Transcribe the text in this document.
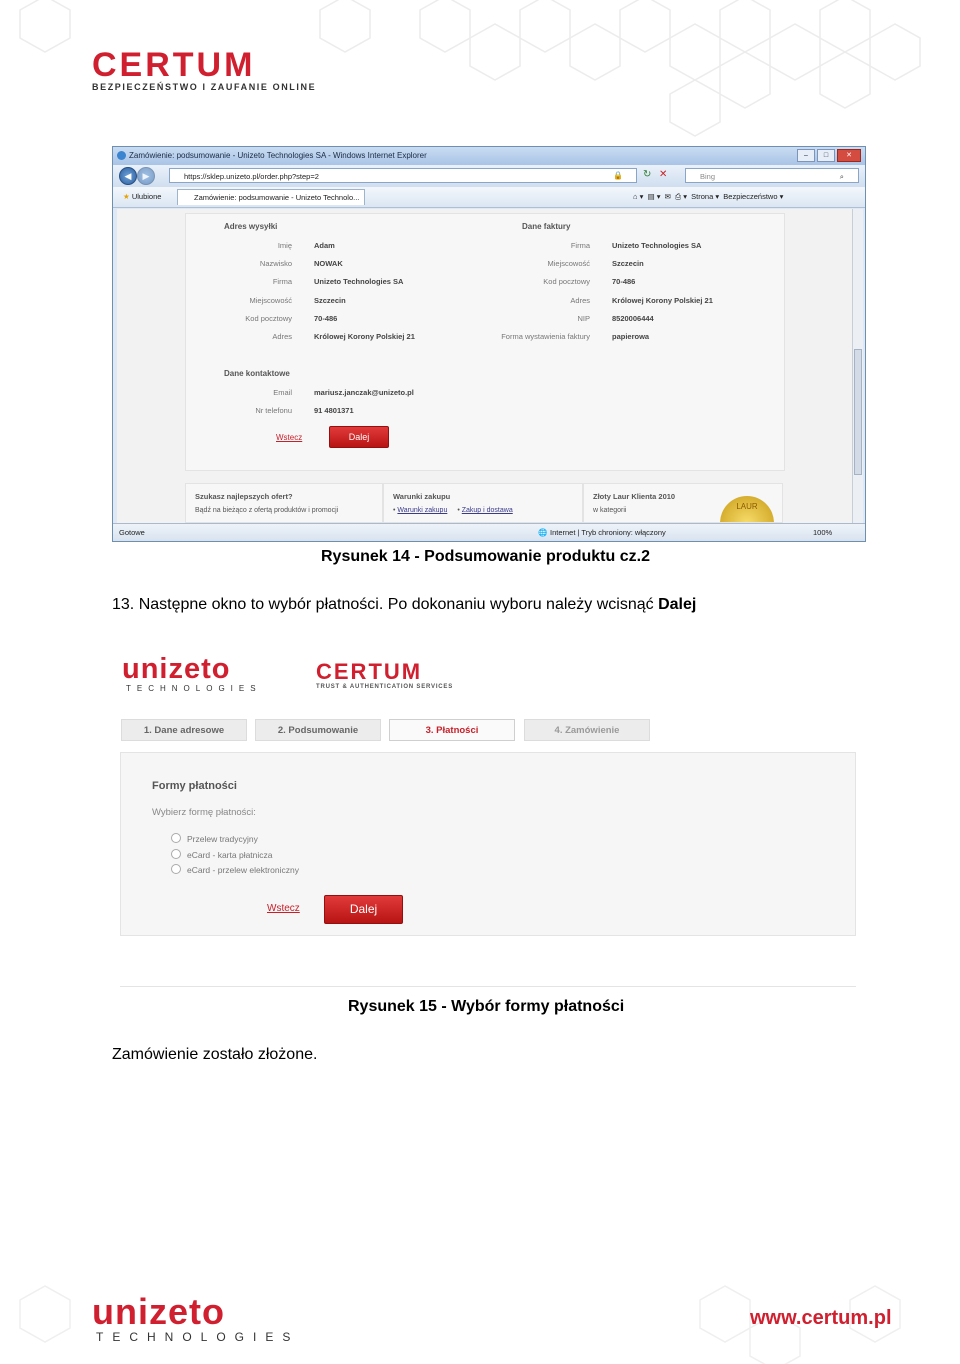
CERTUM
BEZPIECZEŃSTWO I ZAUFANIE ONLINE
Zamówienie: podsumowanie - Unizeto Technologies SA - Windows Internet Explorer	–	□	✕
◀	▶	https://sklep.unizeto.pl/order.php?step=2	🔒 ↻ ✕	Bing	⌕
★ Ulubione	Zamówienie: podsumowanie - Unizeto Technolo...	⌂ ▾ ▤ ▾ ✉ ⎙ ▾ Strona ▾ Bezpieczeństwo ▾
Adres wysyłki
Imię	Adam
Nazwisko	NOWAK
Firma	Unizeto Technologies SA
Miejscowość	Szczecin
Kod pocztowy	70-486
Adres	Królowej Korony Polskiej 21
Dane faktury
Firma	Unizeto Technologies SA
Miejscowość	Szczecin
Kod pocztowy	70-486
Adres	Królowej Korony Polskiej 21
NIP	8520006444
Forma wystawienia faktury	papierowa
Dane kontaktowe
Email	mariusz.janczak@unizeto.pl
Nr telefonu	91 4801371
Wstecz	Dalej
Szukasz najlepszych ofert?
Bądź na bieżąco z ofertą produktów i promocji
Warunki zakupu
• Warunki zakupu • Zakup i dostawa
Złoty Laur Klienta 2010
w kategorii	LAUR
Gotowe	🌐 Internet | Tryb chroniony: włączony	100%
Rysunek 14 - Podsumowanie produktu cz.2
13. Następne okno to wybór płatności. Po dokonaniu wyboru należy wcisnąć Dalej
unizeto
TECHNOLOGIES
CERTUM
TRUST & AUTHENTICATION SERVICES
1. Dane adresowe	2. Podsumowanie	3. Płatności	4. Zamówienie
Formy płatności
Wybierz formę płatności:
Przelew tradycyjny
eCard - karta płatnicza
eCard - przelew elektroniczny
Wstecz	Dalej
Rysunek 15 - Wybór formy płatności
Zamówienie zostało złożone.
unizeto
TECHNOLOGIES
www.certum.pl
